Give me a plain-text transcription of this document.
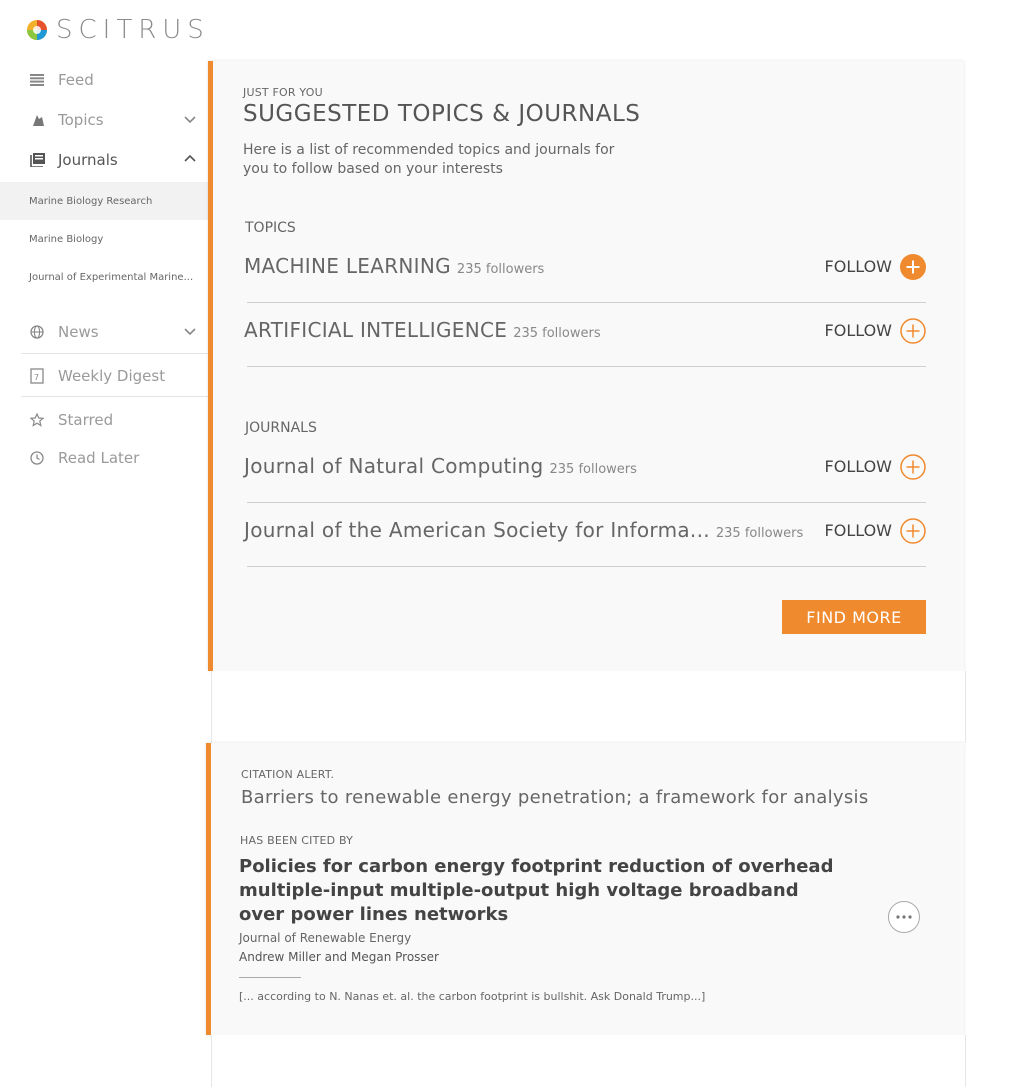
SCITRUS
Feed
Topics
Journals
Marine Biology Research
Marine Biology
Journal of Experimental Marine...
News
7 Weekly Digest
Starred
Read Later
JUST FOR YOU
SUGGESTED TOPICS & JOURNALS
Here is a list of recommended topics and journals for you to follow based on your interests
TOPICS
MACHINE LEARNING 235 followers	FOLLOW
ARTIFICIAL INTELLIGENCE 235 followers	FOLLOW
JOURNALS
Journal of Natural Computing 235 followers	FOLLOW
Journal of the American Society for Informa... 235 followers FOLLOW
FIND MORE
CITATION ALERT.
Barriers to renewable energy penetration; a framework for analysis
HAS BEEN CITED BY
Policies for carbon energy footprint reduction of overhead multiple-input multiple-output high voltage broadband over power lines networks
Journal of Renewable Energy
Andrew Miller and Megan Prosser
[... according to N. Nanas et. al. the carbon footprint is bullshit. Ask Donald Trump...]
